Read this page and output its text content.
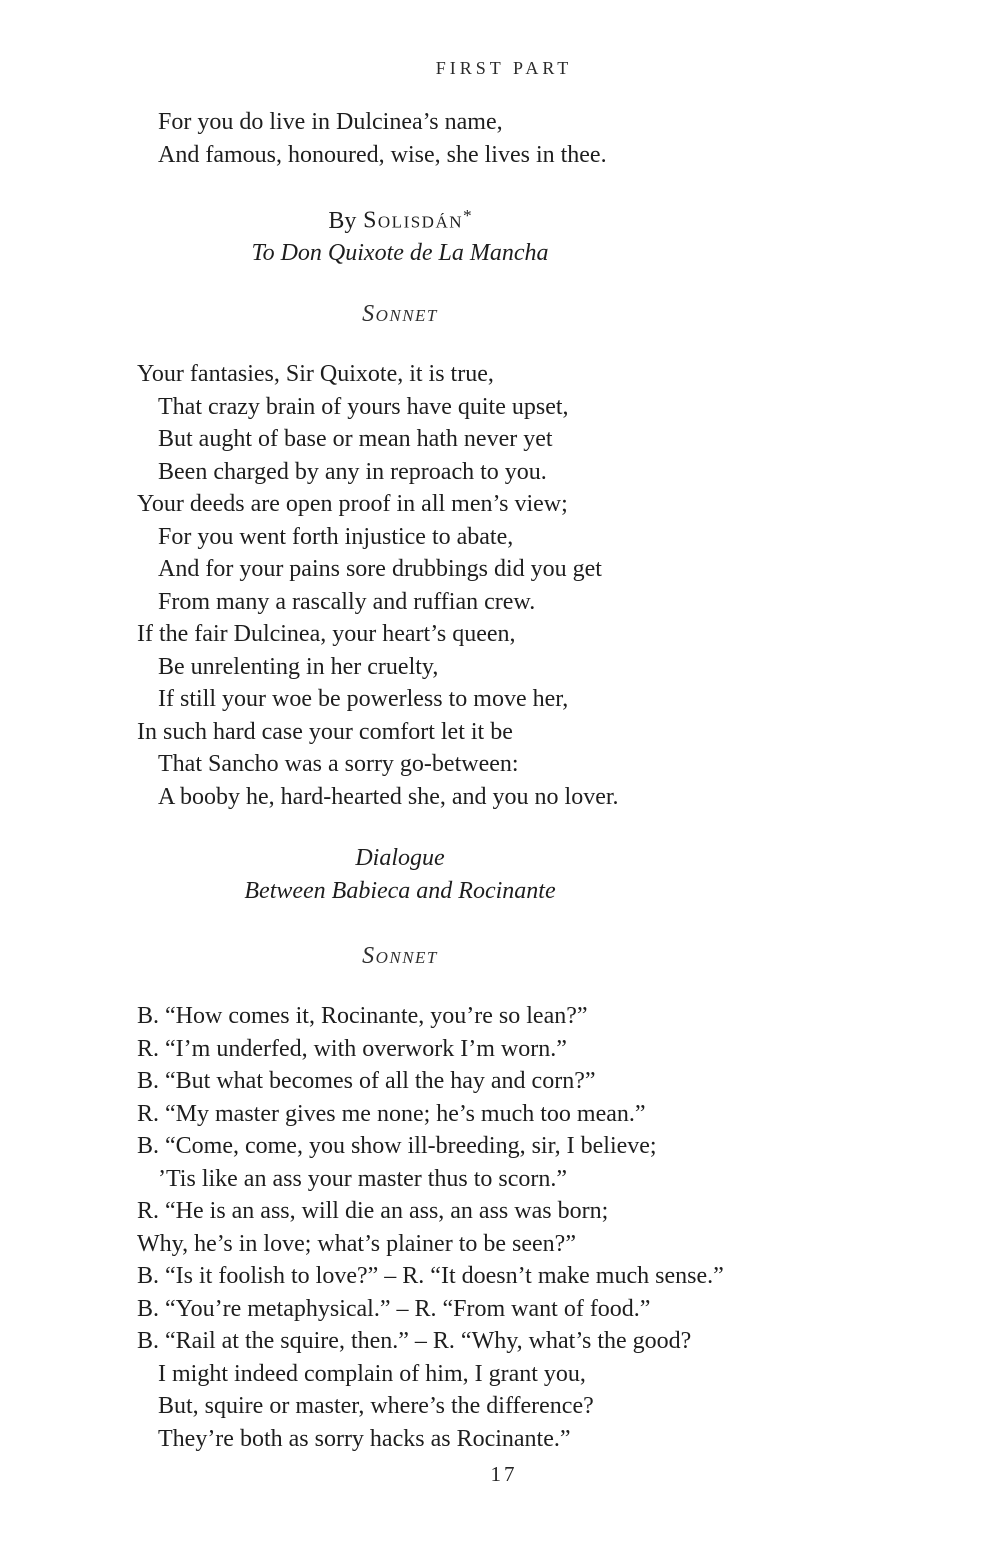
FIRST PART
For you do live in Dulcinea’s name,
And famous, honoured, wise, she lives in thee.
By Solisdán*
To Don Quixote de La Mancha
Sonnet
Your fantasies, Sir Quixote, it is true,
That crazy brain of yours have quite upset,
But aught of base or mean hath never yet
Been charged by any in reproach to you.
Your deeds are open proof in all men’s view;
For you went forth injustice to abate,
And for your pains sore drubbings did you get
From many a rascally and ruffian crew.
If the fair Dulcinea, your heart’s queen,
Be unrelenting in her cruelty,
If still your woe be powerless to move her,
In such hard case your comfort let it be
That Sancho was a sorry go-between:
A booby he, hard-hearted she, and you no lover.
Dialogue
Between Babieca and Rocinante
Sonnet
B. “How comes it, Rocinante, you’re so lean?”
R. “I’m underfed, with overwork I’m worn.”
B. “But what becomes of all the hay and corn?”
R. “My master gives me none; he’s much too mean.”
B. “Come, come, you show ill-breeding, sir, I believe;
’Tis like an ass your master thus to scorn.”
R. “He is an ass, will die an ass, an ass was born;
Why, he’s in love; what’s plainer to be seen?”
B. “Is it foolish to love?” – R. “It doesn’t make much sense.”
B. “You’re metaphysical.” – R. “From want of food.”
B. “Rail at the squire, then.” – R. “Why, what’s the good?
I might indeed complain of him, I grant you,
But, squire or master, where’s the difference?
They’re both as sorry hacks as Rocinante.”
17
